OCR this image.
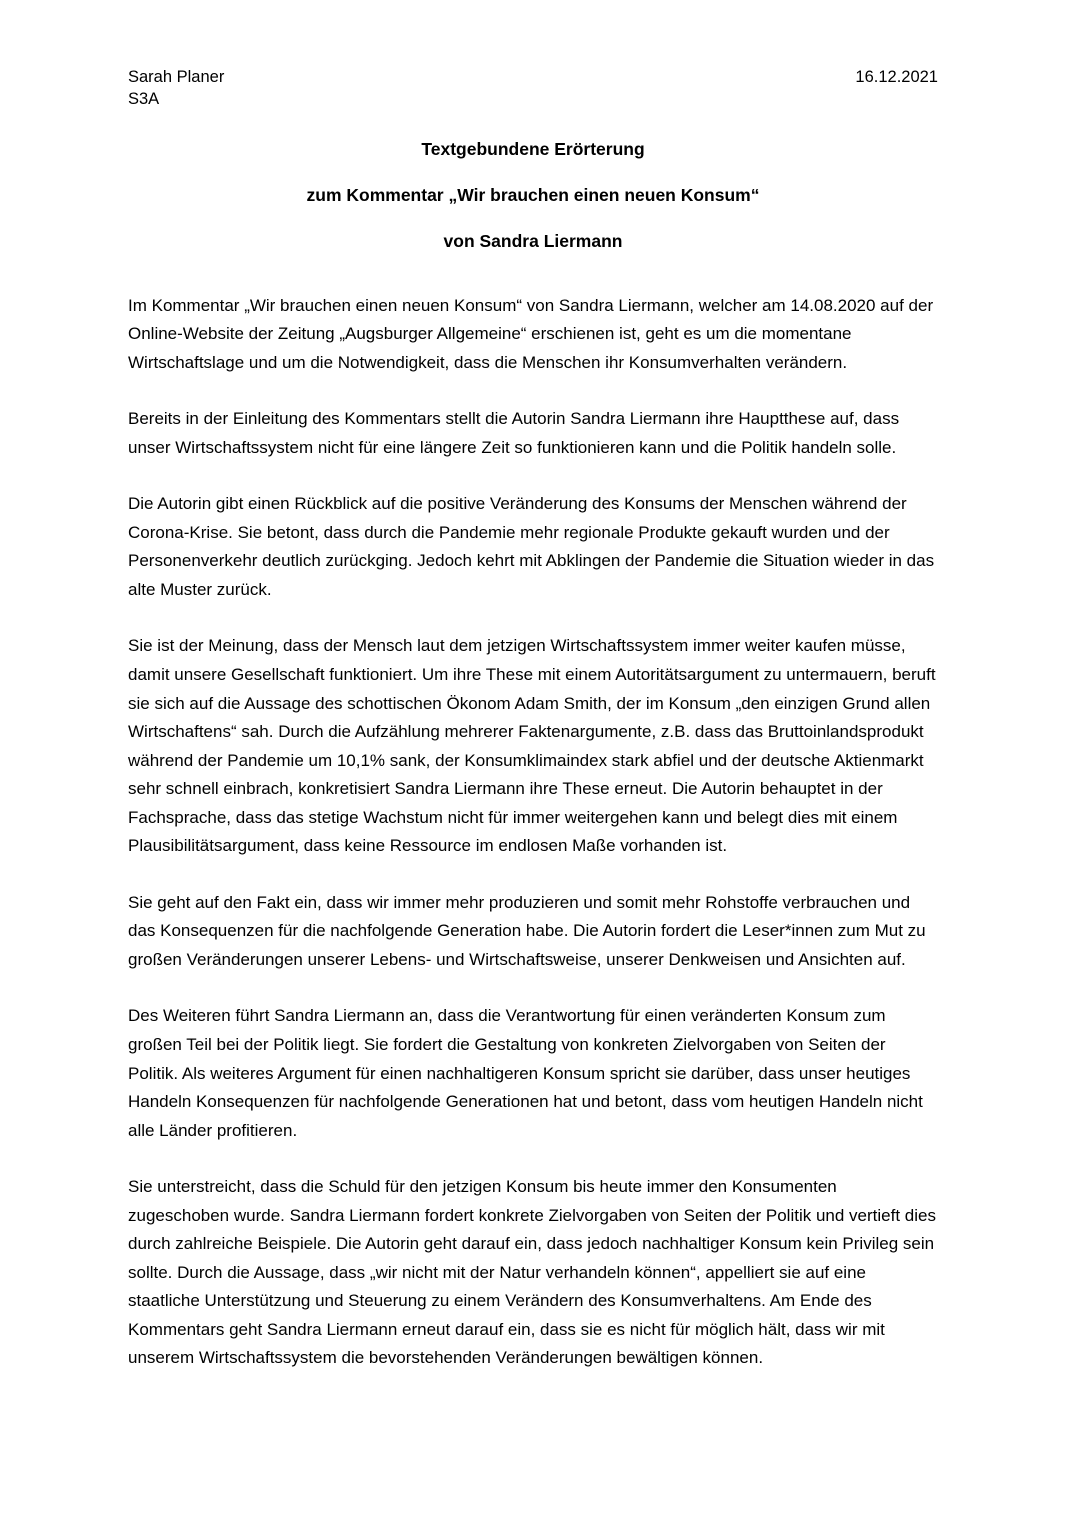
Sarah Planer
S3A
16.12.2021
Textgebundene Erörterung
zum Kommentar „Wir brauchen einen neuen Konsum“
von Sandra Liermann

Im Kommentar „Wir brauchen einen neuen Konsum“ von Sandra Liermann, welcher am 14.08.2020 auf der Online-Website der Zeitung „Augsburger Allgemeine“ erschienen ist, geht es um die momentane Wirtschaftslage und um die Notwendigkeit, dass die Menschen ihr Konsumverhalten verändern.

Bereits in der Einleitung des Kommentars stellt die Autorin Sandra Liermann ihre Hauptthese auf, dass unser Wirtschaftssystem nicht für eine längere Zeit so funktionieren kann und die Politik handeln solle.

Die Autorin gibt einen Rückblick auf die positive Veränderung des Konsums der Menschen während der Corona-Krise. Sie betont, dass durch die Pandemie mehr regionale Produkte gekauft wurden und der Personenverkehr deutlich zurückging. Jedoch kehrt mit Abklingen der Pandemie die Situation wieder in das alte Muster zurück.

Sie ist der Meinung, dass der Mensch laut dem jetzigen Wirtschaftssystem immer weiter kaufen müsse, damit unsere Gesellschaft funktioniert. Um ihre These mit einem Autoritätsargument zu untermauern, beruft sie sich auf die Aussage des schottischen Ökonom Adam Smith, der im Konsum „den einzigen Grund allen Wirtschaftens“ sah. Durch die Aufzählung mehrerer Faktenargumente, z.B. dass das Bruttoinlandsprodukt während der Pandemie um 10,1% sank, der Konsumklimaindex stark abfiel und der deutsche Aktienmarkt sehr schnell einbrach, konkretisiert Sandra Liermann ihre These erneut. Die Autorin behauptet in der Fachsprache, dass das stetige Wachstum nicht für immer weitergehen kann und belegt dies mit einem Plausibilitätsargument, dass keine Ressource im endlosen Maße vorhanden ist.

Sie geht auf den Fakt ein, dass wir immer mehr produzieren und somit mehr Rohstoffe verbrauchen und das Konsequenzen für die nachfolgende Generation habe. Die Autorin fordert die Leser*innen zum Mut zu großen Veränderungen unserer Lebens- und Wirtschaftsweise, unserer Denkweisen und Ansichten auf.

Des Weiteren führt Sandra Liermann an, dass die Verantwortung für einen veränderten Konsum zum großen Teil bei der Politik liegt. Sie fordert die Gestaltung von konkreten Zielvorgaben von Seiten der Politik. Als weiteres Argument für einen nachhaltigeren Konsum spricht sie darüber, dass unser heutiges Handeln Konsequenzen für nachfolgende Generationen hat und betont, dass vom heutigen Handeln nicht alle Länder profitieren.

Sie unterstreicht, dass die Schuld für den jetzigen Konsum bis heute immer den Konsumenten zugeschoben wurde. Sandra Liermann fordert konkrete Zielvorgaben von Seiten der Politik und vertieft dies durch zahlreiche Beispiele. Die Autorin geht darauf ein, dass jedoch nachhaltiger Konsum kein Privileg sein sollte. Durch die Aussage, dass „wir nicht mit der Natur verhandeln können“, appelliert sie auf eine staatliche Unterstützung und Steuerung zu einem Verändern des Konsumverhaltens. Am Ende des Kommentars geht Sandra Liermann erneut darauf ein, dass sie es nicht für möglich hält, dass wir mit unserem Wirtschaftssystem die bevorstehenden Veränderungen bewältigen können.
